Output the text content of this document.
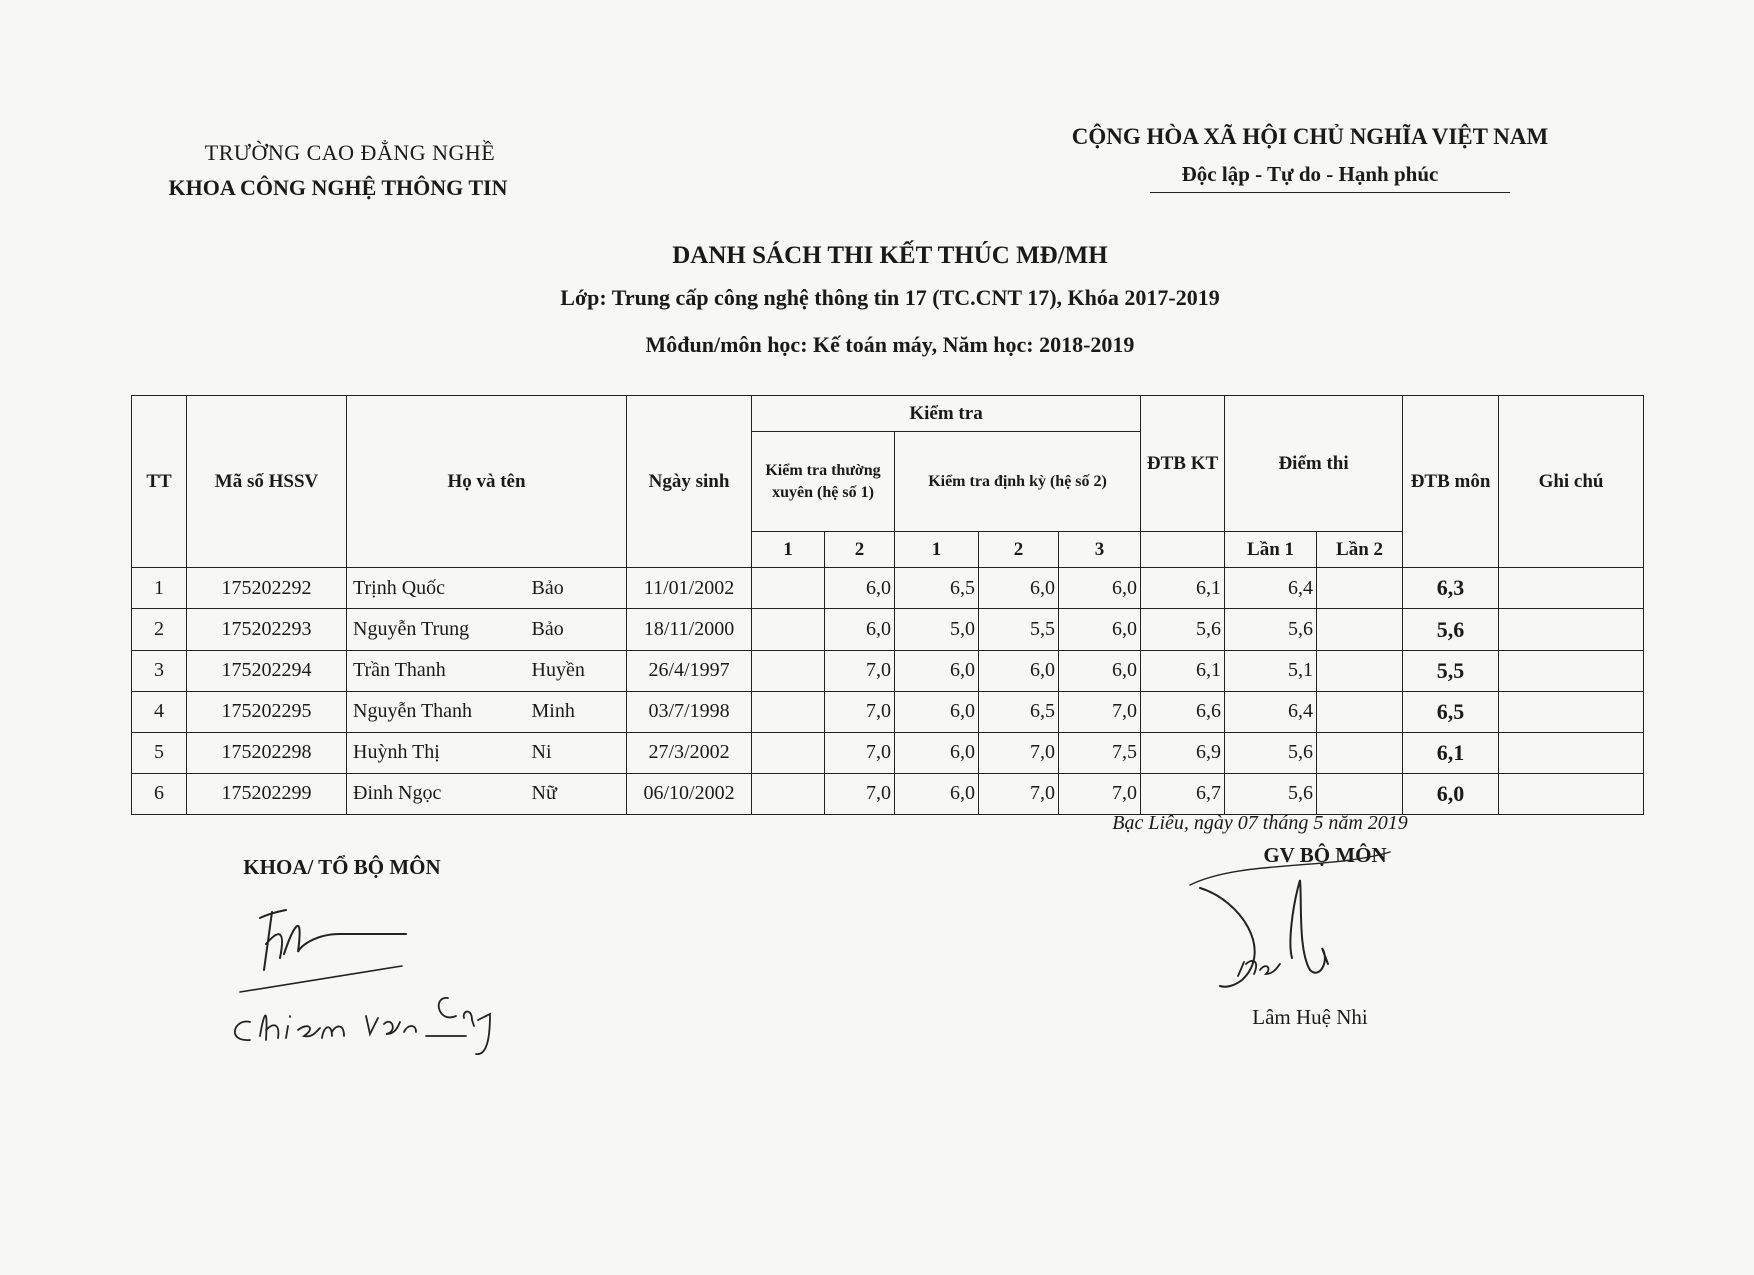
TRƯỜNG CAO ĐẲNG NGHỀ
KHOA CÔNG NGHỆ THÔNG TIN
CỘNG HÒA XÃ HỘI CHỦ NGHĨA VIỆT NAM
Độc lập - Tự do - Hạnh phúc
DANH SÁCH THI KẾT THÚC MĐ/MH
Lớp: Trung cấp công nghệ thông tin 17 (TC.CNT 17), Khóa 2017-2019
Môđun/môn học: Kế toán máy, Năm học: 2018-2019
TT	Mã số HSSV	Họ và tên		Ngày sinh	Kiểm tra					ĐTB KT	Điểm thi		ĐTB môn	Ghi chú
					Kiểm tra thường xuyên (hệ số 1)		Kiểm tra định kỳ (hệ số 2)							
					1	2	1	2	3		Lần 1	Lần 2		
1	175202292	Trịnh Quốc	Bảo	11/01/2002		6,0	6,5	6,0	6,0	6,1	6,4		6,3	
2	175202293	Nguyễn Trung	Bảo	18/11/2000		6,0	5,0	5,5	6,0	5,6	5,6		5,6	
3	175202294	Trần Thanh	Huyền	26/4/1997		7,0	6,0	6,0	6,0	6,1	5,1		5,5	
4	175202295	Nguyễn Thanh	Minh	03/7/1998		7,0	6,0	6,5	7,0	6,6	6,4		6,5	
5	175202298	Huỳnh Thị	Ni	27/3/2002		7,0	6,0	7,0	7,5	6,9	5,6		6,1	
6	175202299	Đinh Ngọc	Nữ	06/10/2002		7,0	6,0	7,0	7,0	6,7	5,6		6,0	
Bạc Liêu, ngày 07 tháng 5 năm 2019
KHOA/ TỔ BỘ MÔN	GV BỘ MÔN
Lâm Huệ Nhi
